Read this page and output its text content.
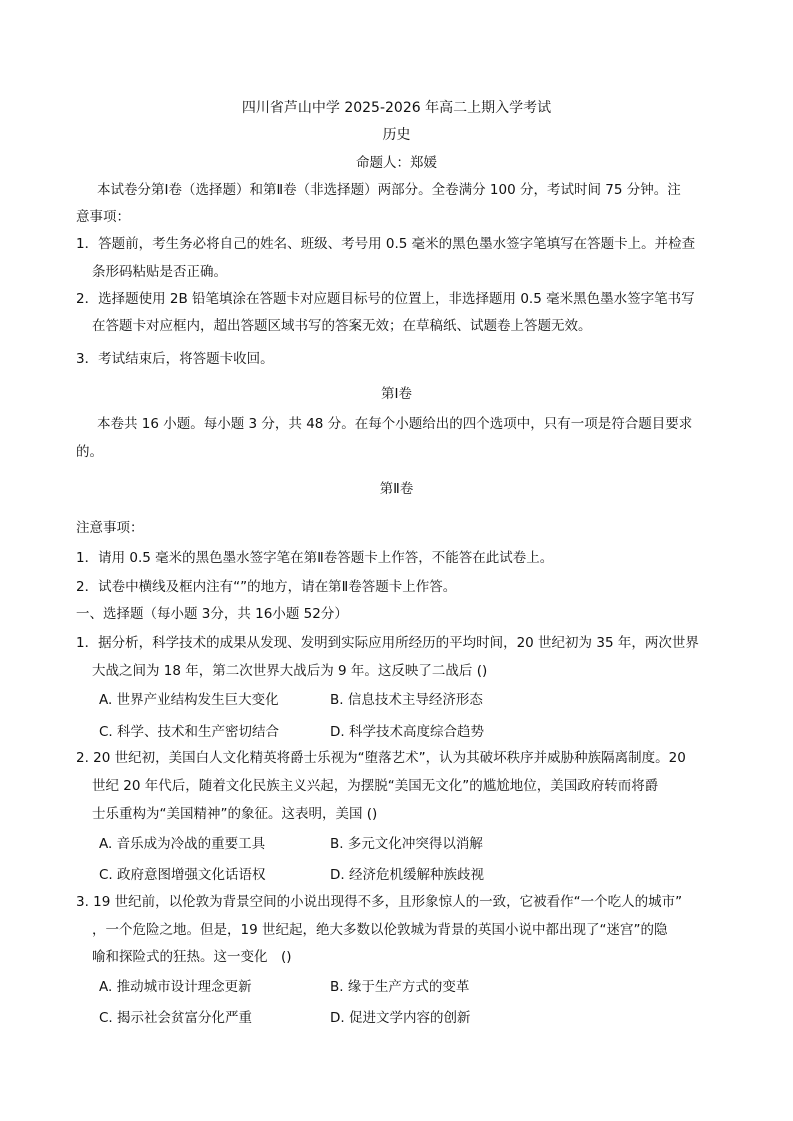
四川省芦山中学 2025-2026 年高二上期入学考试
历史
命题人：郑媛
本试卷分第Ⅰ卷（选择题）和第Ⅱ卷（非选择题）两部分。全卷满分 100 分，考试时间 75 分钟。注
意事项：
1．答题前，考生务必将自己的姓名、班级、考号用 0.5 毫米的黑色墨水签字笔填写在答题卡上。并检查
条形码粘贴是否正确。
2．选择题使用 2B 铅笔填涂在答题卡对应题目标号的位置上，非选择题用 0.5 毫米黑色墨水签字笔书写
在答题卡对应框内，超出答题区域书写的答案无效；在草稿纸、试题卷上答题无效。
3．考试结束后，将答题卡收回。
第Ⅰ卷
本卷共 16 小题。每小题 3 分，共 48 分。在每个小题给出的四个选项中，只有一项是符合题目要求
的。
第Ⅱ卷
注意事项：
1．请用 0.5 毫米的黑色墨水签字笔在第Ⅱ卷答题卡上作答，不能答在此试卷上。
2．试卷中横线及框内注有“”的地方，请在第Ⅱ卷答题卡上作答。
一、选择题（每小题 3分，共 16小题 52分）
1．据分析，科学技术的成果从发现、发明到实际应用所经历的平均时间，20 世纪初为 35 年，两次世界
大战之间为 18 年，第二次世界大战后为 9 年。这反映了二战后 ()
A. 世界产业结构发生巨大变化	B. 信息技术主导经济形态
C. 科学、技术和生产密切结合	D. 科学技术高度综合趋势
2. 20 世纪初，美国白人文化精英将爵士乐视为“堕落艺术”，认为其破坏秩序并威胁种族隔离制度。20
世纪 20 年代后，随着文化民族主义兴起，为摆脱“美国无文化”的尴尬地位，美国政府转而将爵
士乐重构为“美国精神”的象征。这表明，美国 ()
A. 音乐成为冷战的重要工具	B. 多元文化冲突得以消解
C. 政府意图增强文化话语权	D. 经济危机缓解种族歧视
3. 19 世纪前，以伦敦为背景空间的小说出现得不多，且形象惊人的一致，它被看作“一个吃人的城市”
，一个危险之地。但是，19 世纪起，绝大多数以伦敦城为背景的英国小说中都出现了“迷宫”的隐
喻和探险式的狂热。这一变化　()
A. 推动城市设计理念更新	B. 缘于生产方式的变革
C. 揭示社会贫富分化严重	D. 促进文学内容的创新
